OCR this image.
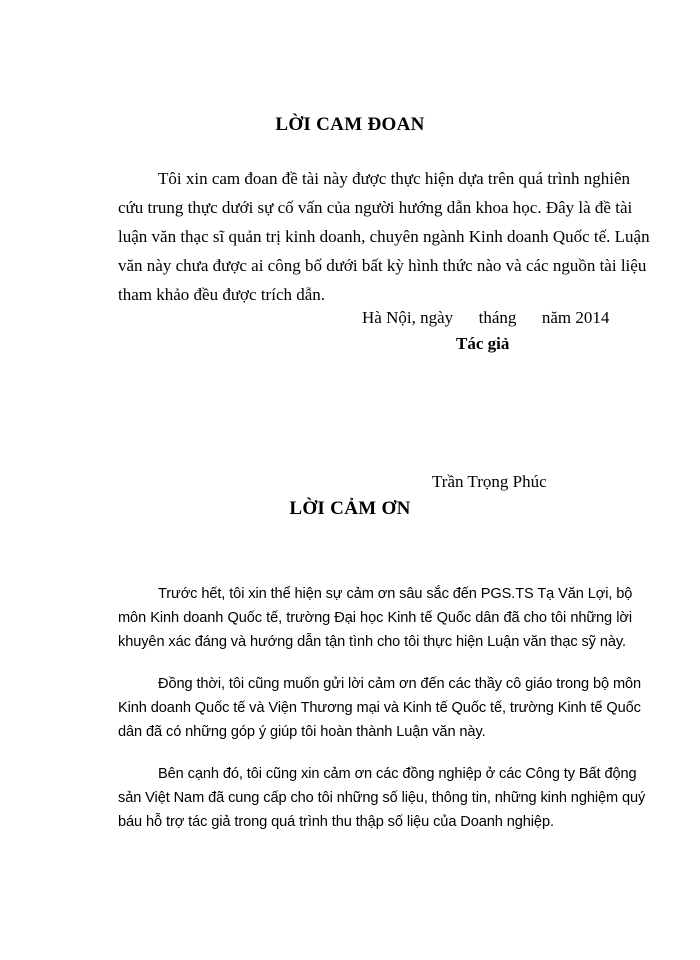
LỜI CAM ĐOAN
Tôi xin cam đoan đề tài này được thực hiện dựa trên quá trình nghiên
cứu trung thực dưới sự cố vấn của người hướng dẫn khoa học. Đây là đề tài
luận văn thạc sĩ quản trị kinh doanh, chuyên ngành Kinh doanh Quốc tế. Luận
văn này chưa được ai công bố dưới bất kỳ hình thức nào và các nguồn tài liệu
tham khảo đều được trích dẫn.
Hà Nội, ngày      tháng      năm 2014
Tác giả
Trần Trọng Phúc
LỜI CẢM ƠN
Trước hết, tôi xin thể hiện sự cảm ơn sâu sắc đến PGS.TS Tạ Văn Lợi, bộ
môn Kinh doanh Quốc tế, trường Đại học Kinh tế Quốc dân đã cho tôi những lời
khuyên xác đáng và hướng dẫn tận tình cho tôi thực hiện Luận văn thạc sỹ này.
Đồng thời, tôi cũng muốn gửi lời cảm ơn đến các thầy cô giáo trong bộ môn
Kinh doanh Quốc tế và Viện Thương mại và Kinh tế Quốc tế, trường Kinh tế Quốc
dân đã có những góp ý giúp tôi hoàn thành Luận văn này.
Bên cạnh đó, tôi cũng xin cảm ơn các đồng nghiệp ở các Công ty Bất động
sản Việt Nam đã cung cấp cho tôi những số liệu, thông tin, những kinh nghiệm quý
báu hỗ trợ tác giả trong quá trình thu thập số liệu của Doanh nghiệp.
